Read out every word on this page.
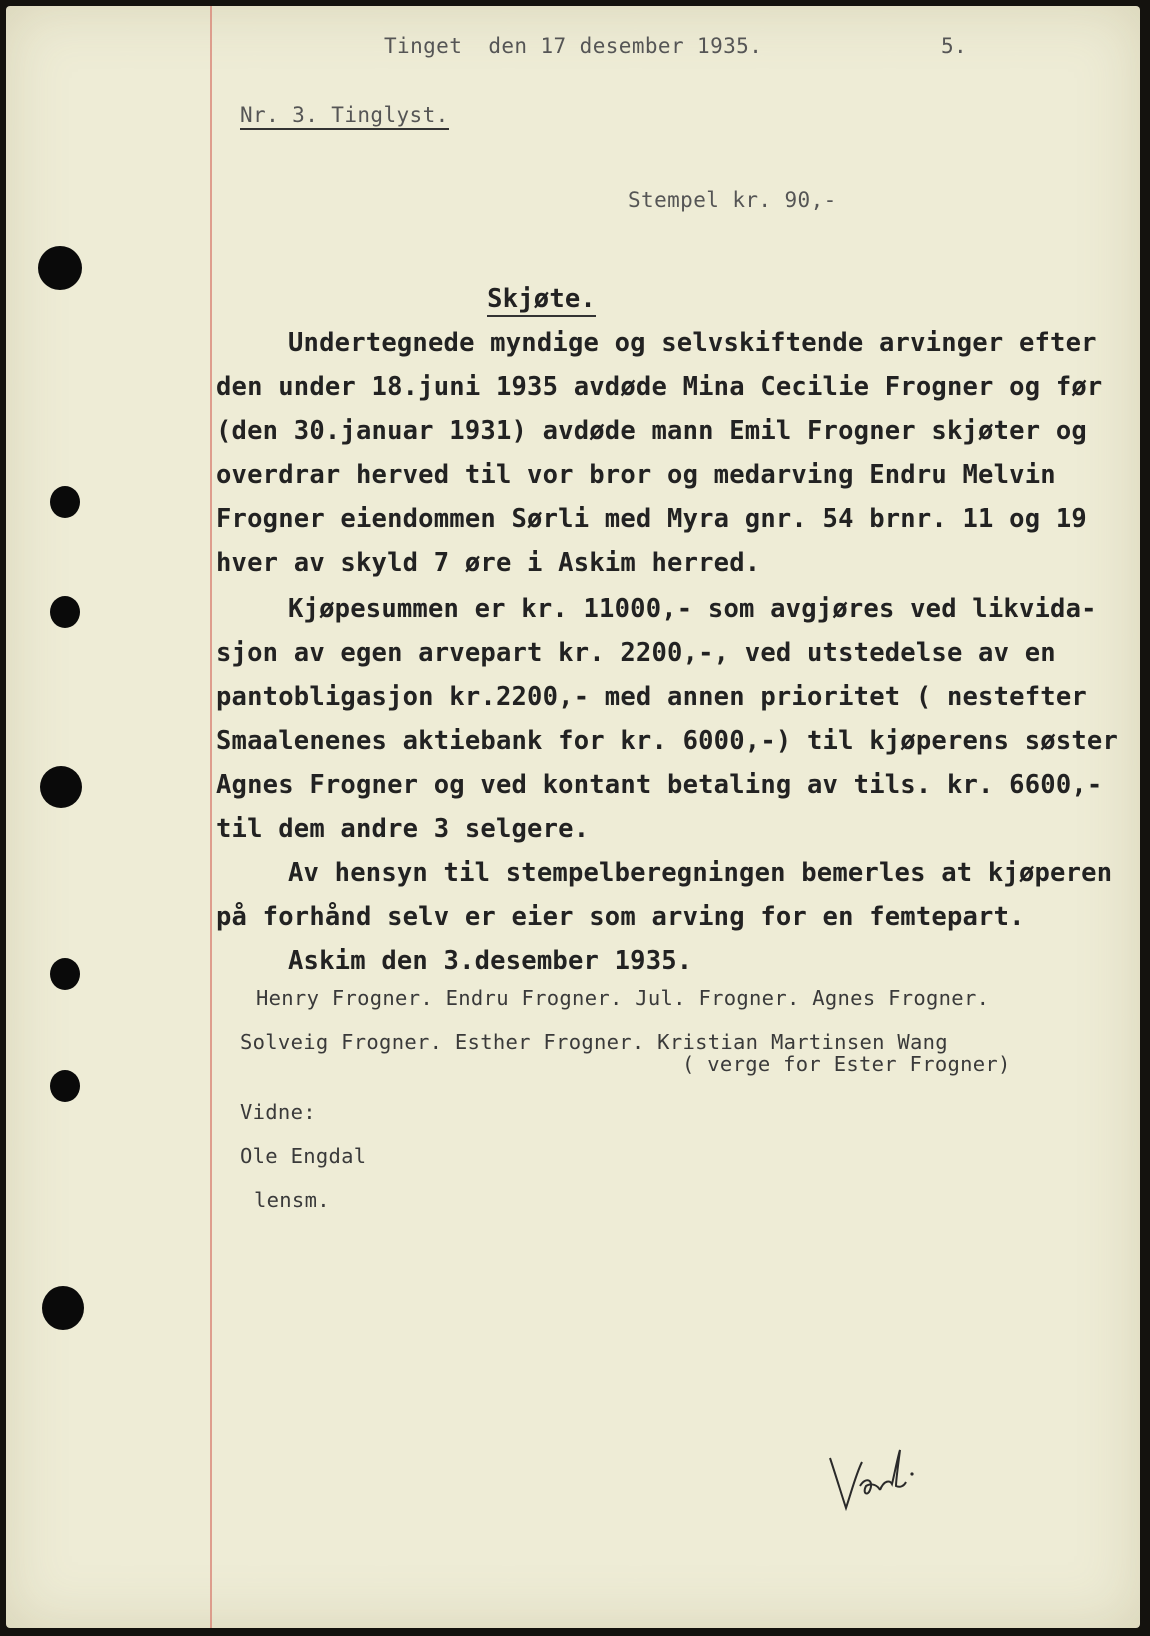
Tinget  den 17 desember 1935.	5.
Nr. 3. Tinglyst.
Stempel kr. 90,-
Skjøte.
Undertegnede myndige og selvskiftende arvinger efter
den under 18.juni 1935 avdøde Mina Cecilie Frogner og før
(den 30.januar 1931) avdøde mann Emil Frogner skjøter og
overdrar herved til vor bror og medarving Endru Melvin
Frogner eiendommen Sørli med Myra gnr. 54 brnr. 11 og 19
hver av skyld 7 øre i Askim herred.
Kjøpesummen er kr. 11000,- som avgjøres ved likvida-
sjon av egen arvepart kr. 2200,-, ved utstedelse av en
pantobligasjon kr.2200,- med annen prioritet ( nestefter
Smaalenenes aktiebank for kr. 6000,-) til kjøperens søster
Agnes Frogner og ved kontant betaling av tils. kr. 6600,-
til dem andre 3 selgere.
Av hensyn til stempelberegningen bemerles at kjøperen
på forhånd selv er eier som arving for en femtepart.
Askim den 3.desember 1935.
Henry Frogner. Endru Frogner. Jul. Frogner. Agnes Frogner.
Solveig Frogner. Esther Frogner. Kristian Martinsen Wang
( verge for Ester Frogner)
Vidne:
Ole Engdal
lensm.
